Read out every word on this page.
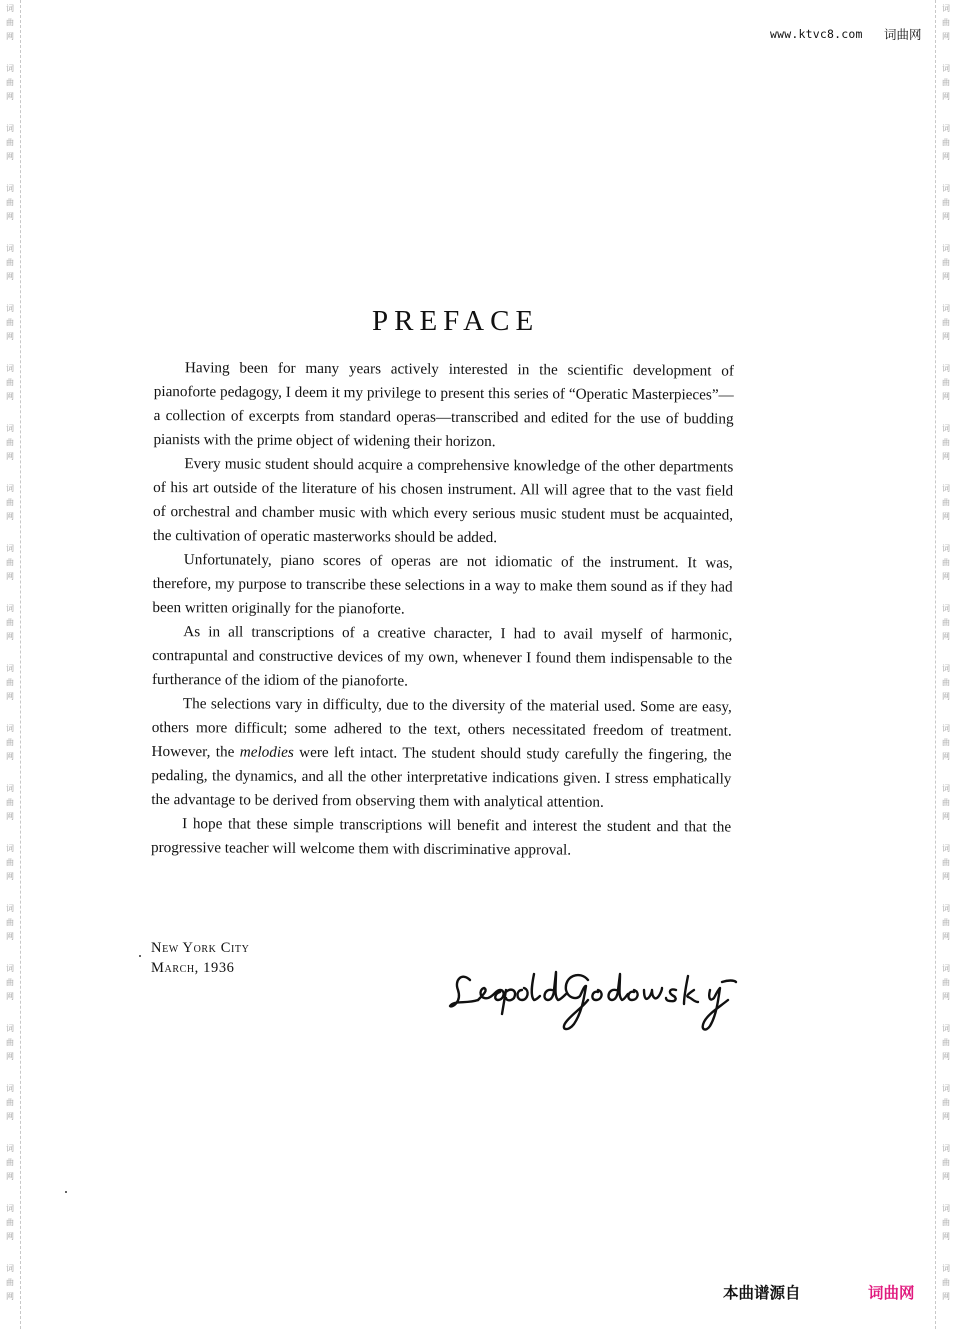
词
曲
网
词
曲
网
词
曲
网
词
曲
网
词
曲
网
词
曲
网
词
曲
网
词
曲
网
词
曲
网
词
曲
网
词
曲
网
词
曲
网
词
曲
网
词
曲
网
词
曲
网
词
曲
网
词
曲
网
词
曲
网
词
曲
网
词
曲
网
词
曲
网
词
曲
网
词
曲
网
词
曲
网
词
曲
网
词
曲
网
词
曲
网
词
曲
网
词
曲
网
词
曲
网
词
曲
网
词
曲
网
词
曲
网
词
曲
网
词
曲
网
词
曲
网
词
曲
网
词
曲
网
词
曲
网
词
曲
网
词
曲
网
词
曲
网
词
曲
网
词
曲
网
www.ktvc8.com 词曲网
PREFACE

Having been for many years actively interested in the scientific development of pianoforte pedagogy, I deem it my privilege to present this series of “Operatic Masterpieces”—a collection of excerpts from standard operas—transcribed and edited for the use of budding pianists with the prime object of widening their horizon.

Every music student should acquire a comprehensive knowledge of the other departments of his art outside of the literature of his chosen instrument. All will agree that to the vast field of orchestral and chamber music with which every serious music student must be acquainted, the cultivation of operatic masterworks should be added.

Unfortunately, piano scores of operas are not idiomatic of the instrument. It was, therefore, my purpose to transcribe these selections in a way to make them sound as if they had been written originally for the pianoforte.

As in all transcriptions of a creative character, I had to avail myself of harmonic, contrapuntal and constructive devices of my own, whenever I found them indispensable to the furtherance of the idiom of the pianoforte.

The selections vary in difficulty, due to the diversity of the material used. Some are easy, others more difficult; some adhered to the text, others necessitated freedom of treatment. However, the melodies were left intact. The student should study carefully the fingering, the pedaling, the dynamics, and all the other interpretative indications given. I stress emphatically the advantage to be derived from observing them with analytical attention.

I hope that these simple transcriptions will benefit and interest the student and that the progressive teacher will welcome them with discriminative approval.

New York City
March, 1936
本曲谱源自	词曲网
